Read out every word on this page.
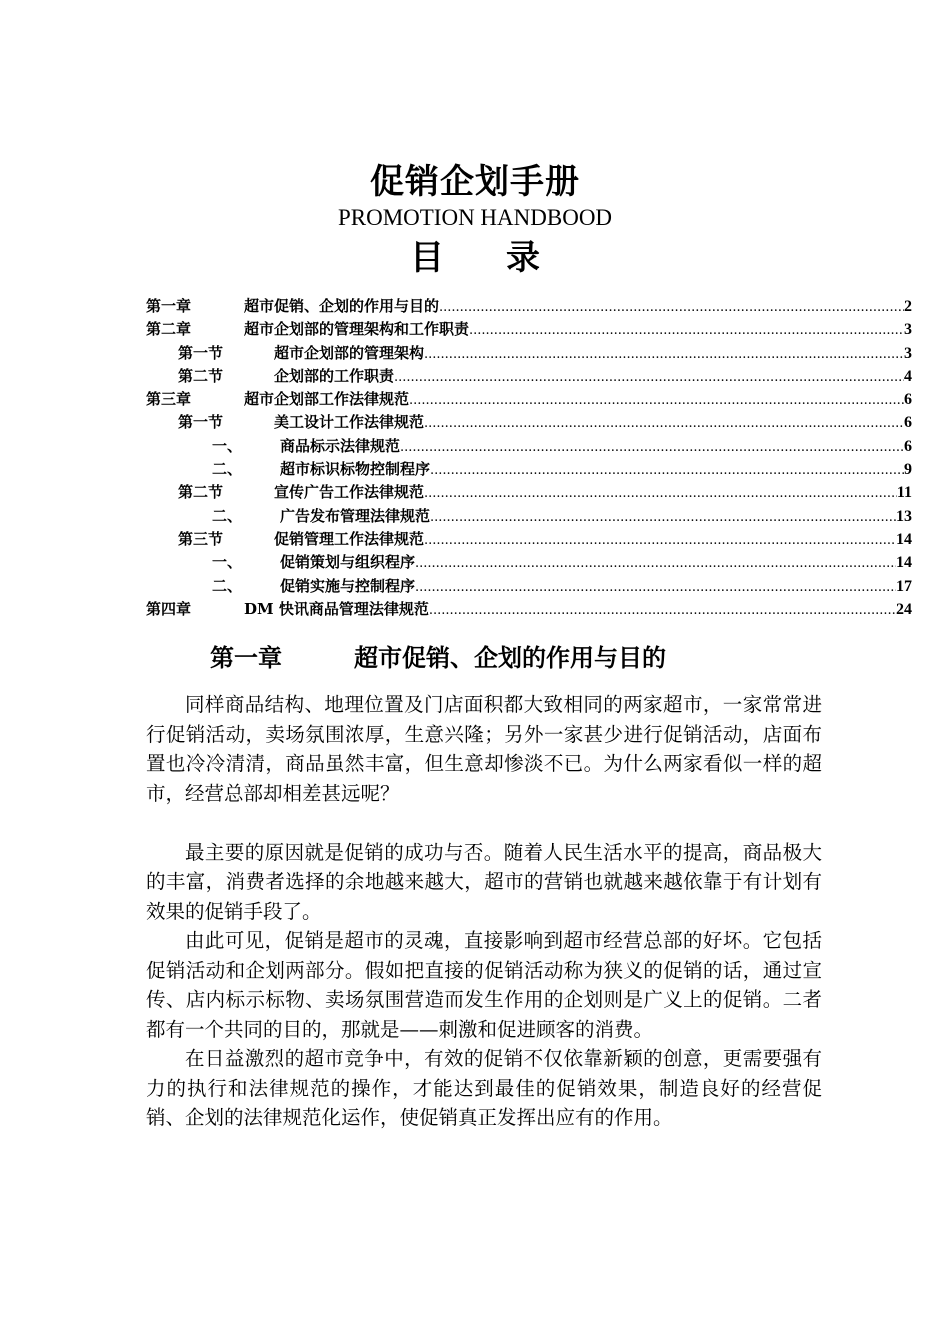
促销企划手册
PROMOTION HANDBOOD
目 录
第一章	超市促销、企划的作用与目的 .....	2
第二章	超市企划部的管理架构和工作职责 .....	3
第一节	超市企划部的管理架构 .....	3
第二节	企划部的工作职责 .....	4
第三章	超市企划部工作法律规范 .....	6
第一节	美工设计工作法律规范 .....	6
一、	商品标示法律规范 .....	6
二、	超市标识标物控制程序 .....	9
第二节	宣传广告工作法律规范 .....	11
二、	广告发布管理法律规范 .....	13
第三节	促销管理工作法律规范 .....	14
一、	促销策划与组织程序 .....	14
二、	促销实施与控制程序 .....	17
第四章	DM 快讯商品管理法律规范 .....	24
第一章	超市促销、企划的作用与目的

同样商品结构、地理位置及门店面积都大致相同的两家超市，一家常常进行促销活动，卖场氛围浓厚，生意兴隆；另外一家甚少进行促销活动，店面布置也冷冷清清，商品虽然丰富，但生意却惨淡不已。为什么两家看似一样的超市，经营总部却相差甚远呢？

最主要的原因就是促销的成功与否。随着人民生活水平的提高，商品极大的丰富，消费者选择的余地越来越大，超市的营销也就越来越依靠于有计划有效果的促销手段了。

由此可见，促销是超市的灵魂，直接影响到超市经营总部的好坏。它包括促销活动和企划两部分。假如把直接的促销活动称为狭义的促销的话，通过宣传、店内标示标物、卖场氛围营造而发生作用的企划则是广义上的促销。二者都有一个共同的目的，那就是——刺激和促进顾客的消费。

在日益激烈的超市竞争中，有效的促销不仅依靠新颖的创意，更需要强有力的执行和法律规范的操作，才能达到最佳的促销效果，制造良好的经营促销、企划的法律规范化运作，使促销真正发挥出应有的作用。
